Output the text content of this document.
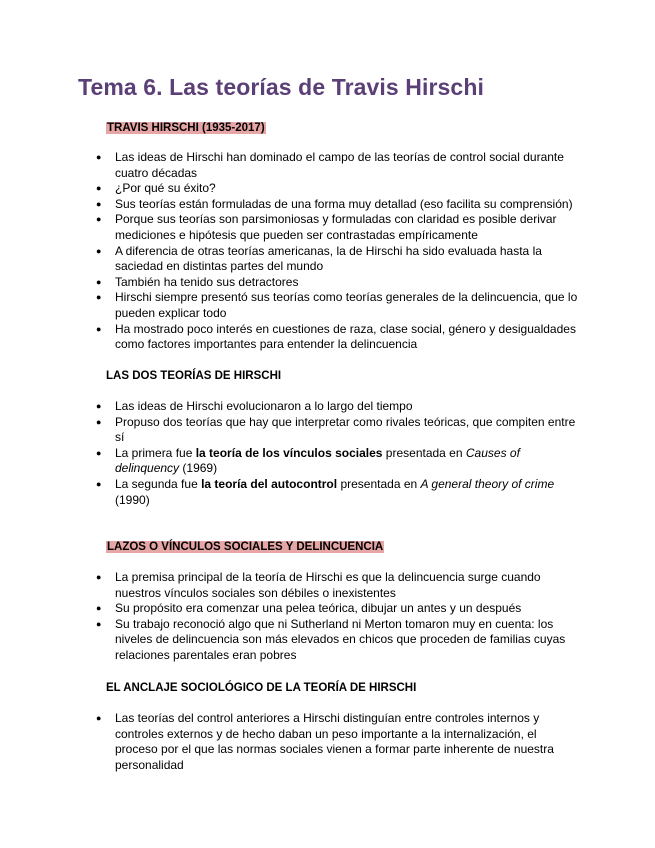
Tema 6. Las teorías de Travis Hirschi
TRAVIS HIRSCHI (1935-2017)
● Las ideas de Hirschi han dominado el campo de las teorías de control social durante cuatro décadas
● ¿Por qué su éxito?
● Sus teorías están formuladas de una forma muy detallad (eso facilita su comprensión)
● Porque sus teorías son parsimoniosas y formuladas con claridad es posible derivar mediciones e hipótesis que pueden ser contrastadas empíricamente
● A diferencia de otras teorías americanas, la de Hirschi ha sido evaluada hasta la saciedad en distintas partes del mundo
● También ha tenido sus detractores
● Hirschi siempre presentó sus teorías como teorías generales de la delincuencia, que lo pueden explicar todo
● Ha mostrado poco interés en cuestiones de raza, clase social, género y desigualdades como factores importantes para entender la delincuencia
LAS DOS TEORÍAS DE HIRSCHI
● Las ideas de Hirschi evolucionaron a lo largo del tiempo
● Propuso dos teorías que hay que interpretar como rivales teóricas, que compiten entre sí
● La primera fue la teoría de los vínculos sociales presentada en Causes of delinquency (1969)
● La segunda fue la teoría del autocontrol presentada en A general theory of crime (1990)
LAZOS O VÍNCULOS SOCIALES Y DELINCUENCIA
● La premisa principal de la teoría de Hirschi es que la delincuencia surge cuando nuestros vínculos sociales son débiles o inexistentes
● Su propósito era comenzar una pelea teórica, dibujar un antes y un después
● Su trabajo reconoció algo que ni Sutherland ni Merton tomaron muy en cuenta: los niveles de delincuencia son más elevados en chicos que proceden de familias cuyas relaciones parentales eran pobres
EL ANCLAJE SOCIOLÓGICO DE LA TEORÍA DE HIRSCHI
● Las teorías del control anteriores a Hirschi distinguían entre controles internos y controles externos y de hecho daban un peso importante a la internalización, el proceso por el que las normas sociales vienen a formar parte inherente de nuestra personalidad
